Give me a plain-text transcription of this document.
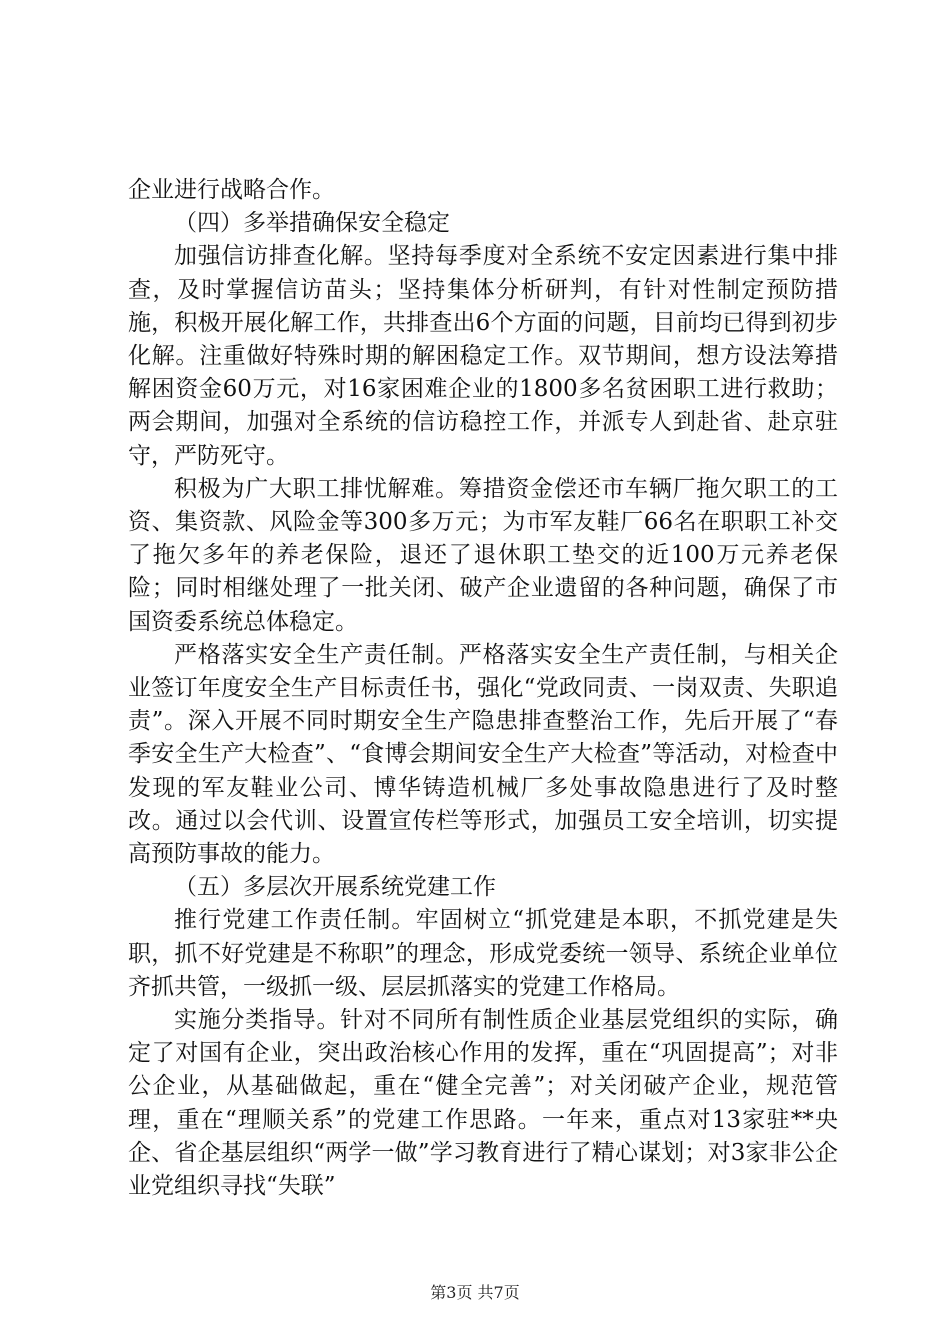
企业进行战略合作。

（四）多举措确保安全稳定

加强信访排查化解。坚持每季度对全系统不安定因素进行集中排查，及时掌握信访苗头；坚持集体分析研判，有针对性制定预防措施，积极开展化解工作，共排查出6个方面的问题，目前均已得到初步化解。注重做好特殊时期的解困稳定工作。双节期间，想方设法筹措解困资金60万元，对16家困难企业的1800多名贫困职工进行救助；两会期间，加强对全系统的信访稳控工作，并派专人到赴省、赴京驻守，严防死守。

积极为广大职工排忧解难。筹措资金偿还市车辆厂拖欠职工的工资、集资款、风险金等300多万元；为市军友鞋厂66名在职职工补交了拖欠多年的养老保险，退还了退休职工垫交的近100万元养老保险；同时相继处理了一批关闭、破产企业遗留的各种问题，确保了市国资委系统总体稳定。

严格落实安全生产责任制。严格落实安全生产责任制，与相关企业签订年度安全生产目标责任书，强化“党政同责、一岗双责、失职追责”。深入开展不同时期安全生产隐患排查整治工作，先后开展了“春季安全生产大检查”、“食博会期间安全生产大检查”等活动，对检查中发现的军友鞋业公司、博华铸造机械厂多处事故隐患进行了及时整改。通过以会代训、设置宣传栏等形式，加强员工安全培训，切实提高预防事故的能力。

（五）多层次开展系统党建工作

推行党建工作责任制。牢固树立“抓党建是本职，不抓党建是失职，抓不好党建是不称职”的理念，形成党委统一领导、系统企业单位齐抓共管，一级抓一级、层层抓落实的党建工作格局。

实施分类指导。针对不同所有制性质企业基层党组织的实际，确定了对国有企业，突出政治核心作用的发挥，重在“巩固提高”；对非公企业，从基础做起，重在“健全完善”；对关闭破产企业，规范管理，重在“理顺关系”的党建工作思路。一年来，重点对13家驻**央企、省企基层组织“两学一做”学习教育进行了精心谋划；对3家非公企业党组织寻找“失联”

第3页 共7页
